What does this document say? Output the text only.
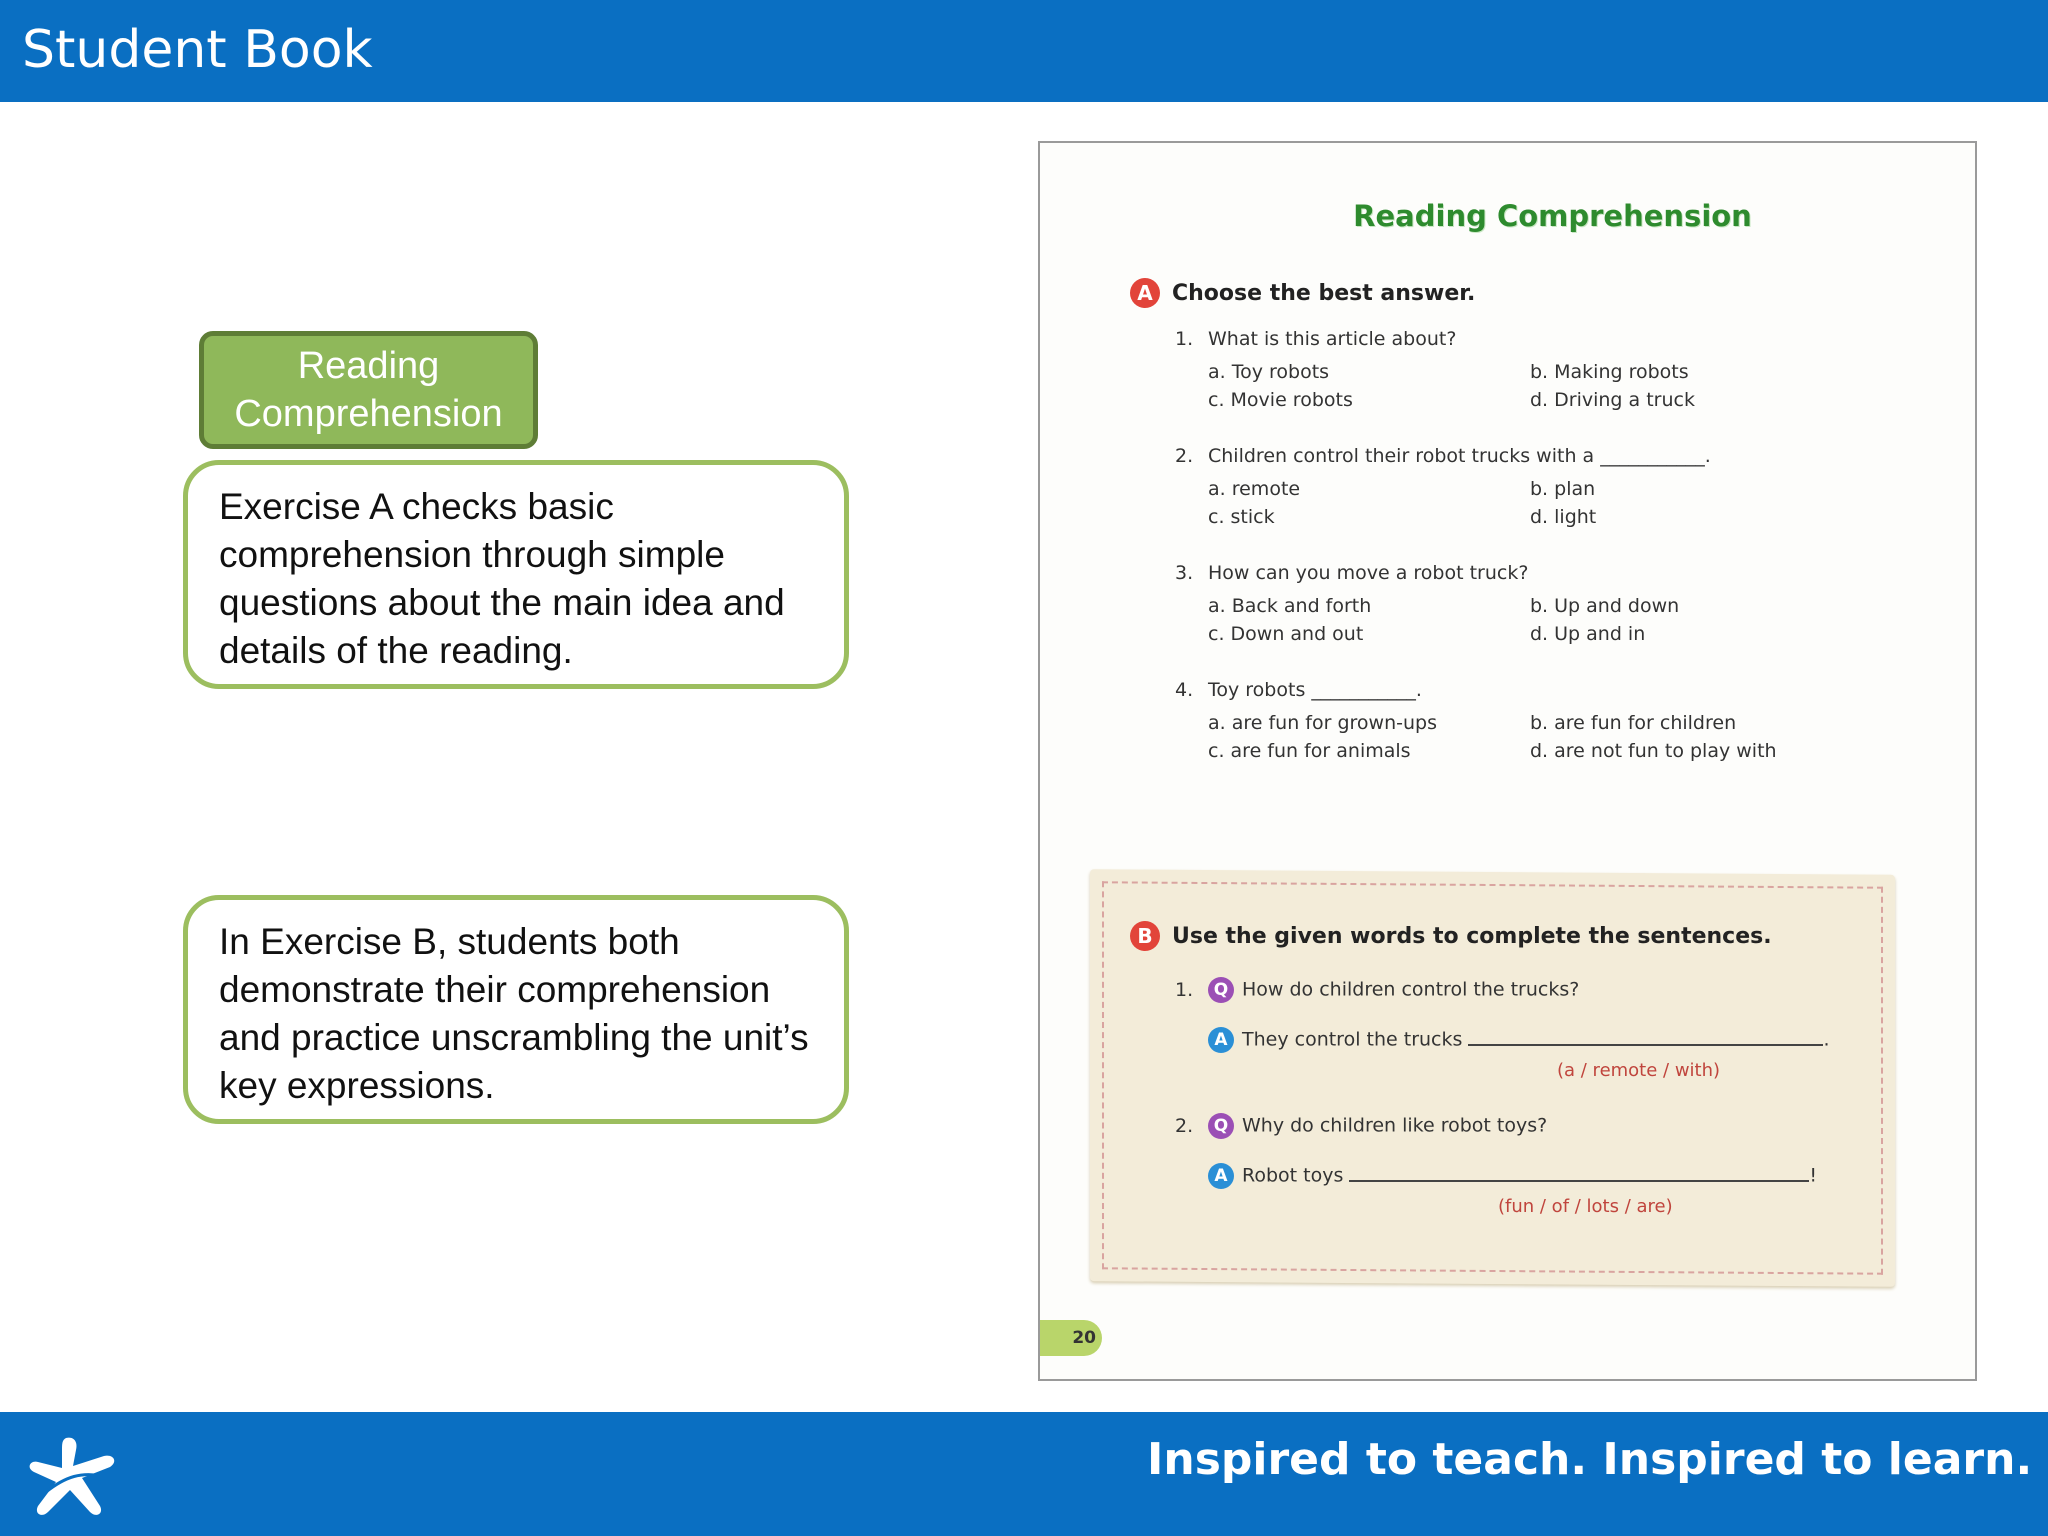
Student Book
Reading Comprehension
Exercise A checks basic comprehension through simple questions about the main idea and details of the reading.
In Exercise B, students both demonstrate their comprehension and practice unscrambling the unit’s key expressions.
Reading Comprehension
A Choose the best answer.
1. What is this article about?
a. Toy robots	b. Making robots
c. Movie robots	d. Driving a truck
2. Children control their robot trucks with a ___________.
a. remote	b. plan
c. stick	d. light
3. How can you move a robot truck?
a. Back and forth	b. Up and down
c. Down and out	d. Up and in
4. Toy robots ___________.
a. are fun for grown-ups	b. are fun for children
c. are fun for animals	d. are not fun to play with
B Use the given words to complete the sentences.
1. Q How do children control the trucks?
A They control the trucks	.
(a / remote / with)
2. Q Why do children like robot toys?
A Robot toys	!
(fun / of / lots / are)
20
Inspired to teach. Inspired to learn.
